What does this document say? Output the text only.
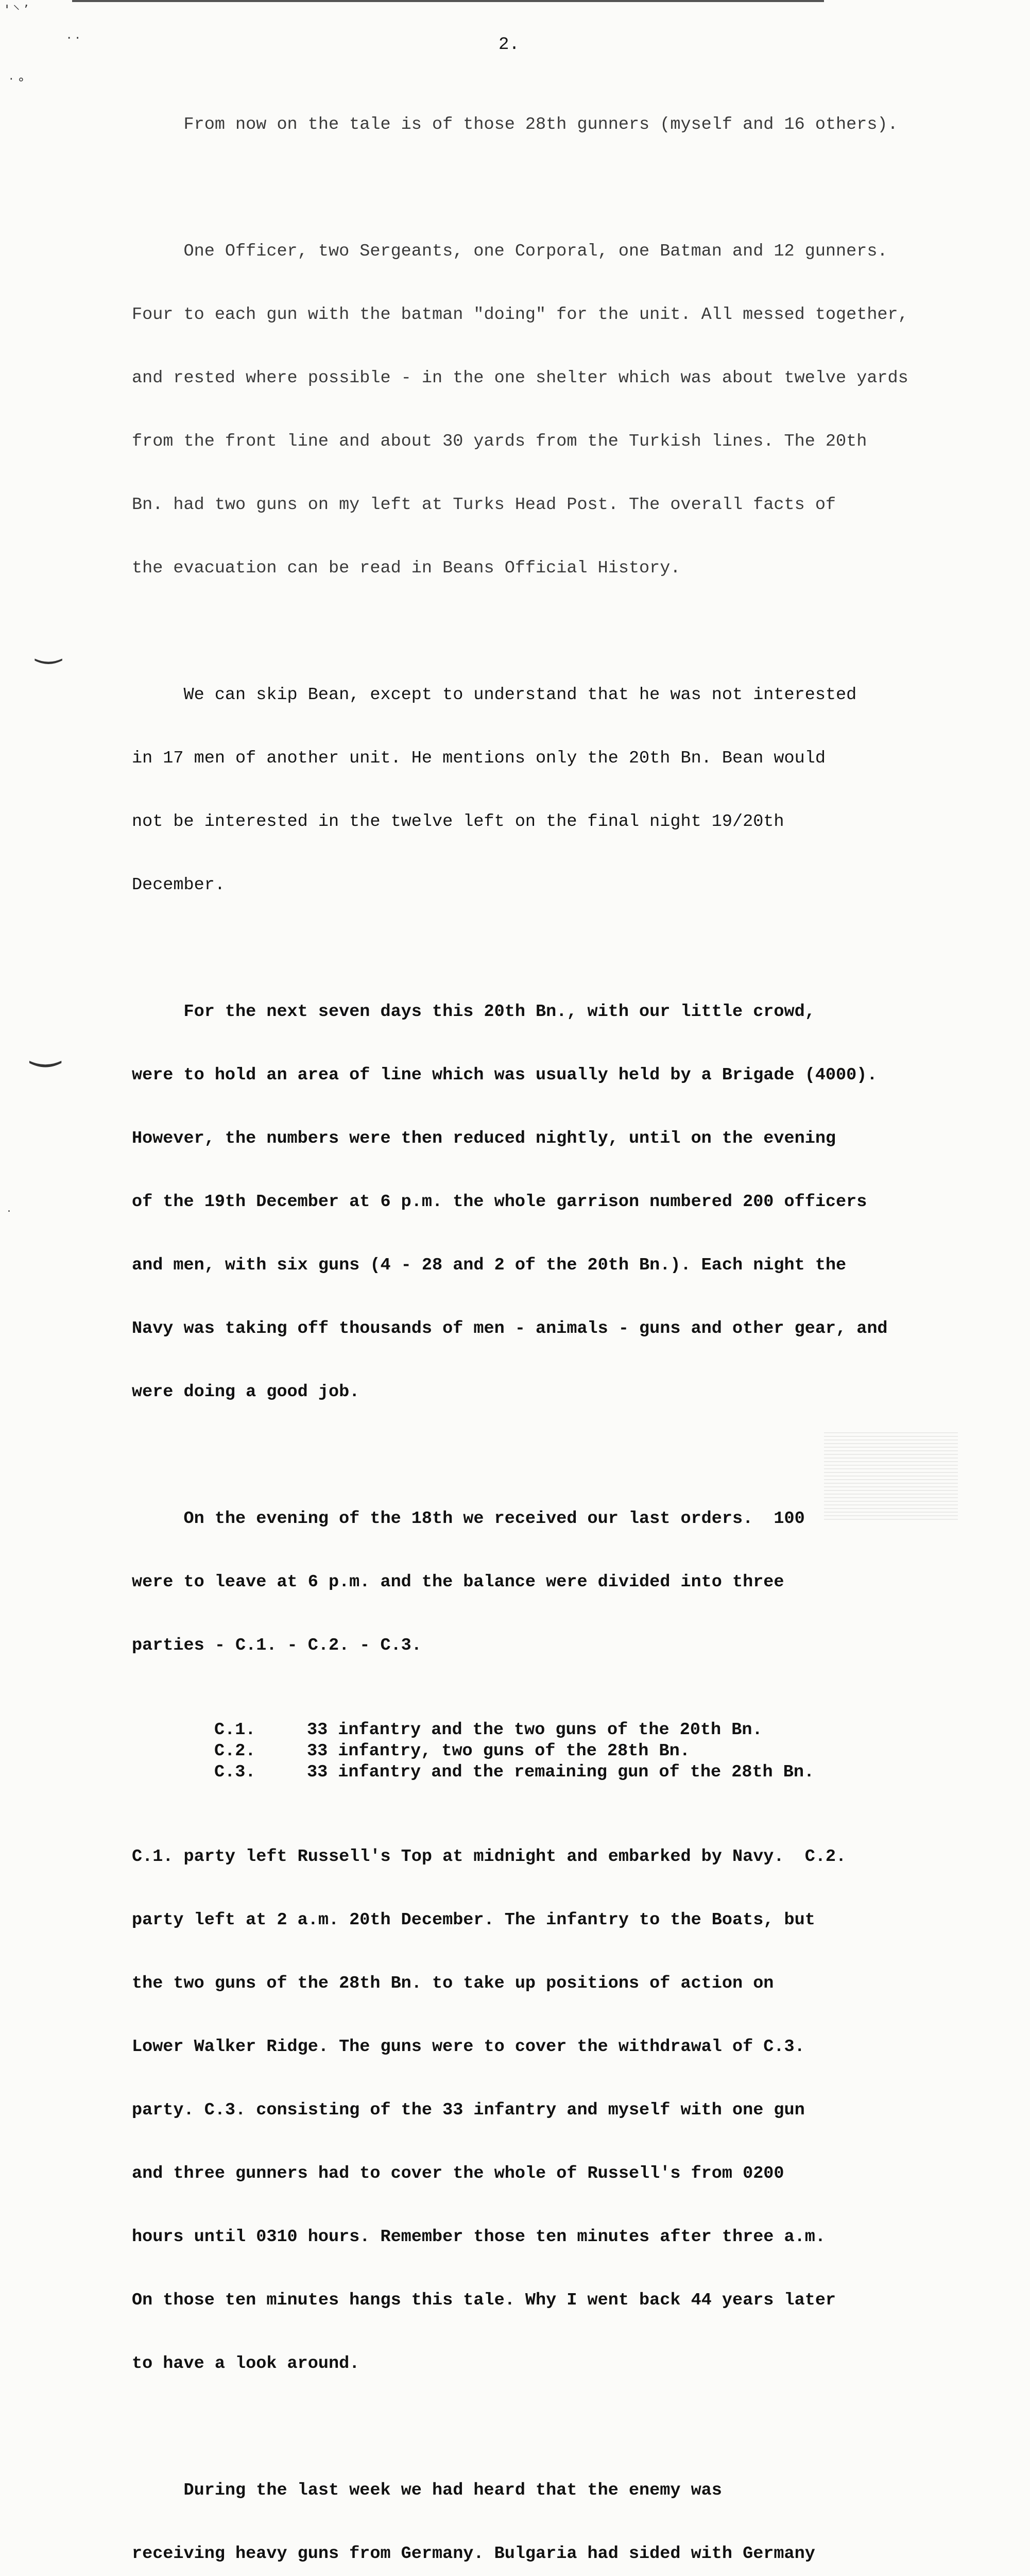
' ⸌ ’
‧ ‧
‧ ∘
‿
‿
‧
2.

From now on the tale is of those 28th gunners (myself and 16 others).

One Officer, two Sergeants, one Corporal, one Batman and 12 gunners.

Four to each gun with the batman "doing" for the unit. All messed together,

and rested where possible - in the one shelter which was about twelve yards

from the front line and about 30 yards from the Turkish lines. The 20th

Bn. had two guns on my left at Turks Head Post. The overall facts of

the evacuation can be read in Beans Official History.

We can skip Bean, except to understand that he was not interested

in 17 men of another unit. He mentions only the 20th Bn. Bean would

not be interested in the twelve left on the final night 19/20th

December.

For the next seven days this 20th Bn., with our little crowd,

were to hold an area of line which was usually held by a Brigade (4000).

However, the numbers were then reduced nightly, until on the evening

of the 19th December at 6 p.m. the whole garrison numbered 200 officers

and men, with six guns (4 - 28 and 2 of the 20th Bn.). Each night the

Navy was taking off thousands of men - animals - guns and other gear, and

were doing a good job.

On the evening of the 18th we received our last orders.  100

were to leave at 6 p.m. and the balance were divided into three

parties - C.1. - C.2. - C.3.

C.1.	33 infantry and the two guns of the 20th Bn.
C.2.	33 infantry, two guns of the 28th Bn.
C.3.	33 infantry and the remaining gun of the 28th Bn.

C.1. party left Russell's Top at midnight and embarked by Navy.  C.2.

party left at 2 a.m. 20th December. The infantry to the Boats, but

the two guns of the 28th Bn. to take up positions of action on

Lower Walker Ridge. The guns were to cover the withdrawal of C.3.

party. C.3. consisting of the 33 infantry and myself with one gun

and three gunners had to cover the whole of Russell's from 0200

hours until 0310 hours. Remember those ten minutes after three a.m.

On those ten minutes hangs this tale. Why I went back 44 years later

to have a look around.

During the last week we had heard that the enemy was

receiving heavy guns from Germany. Bulgaria had sided with Germany
